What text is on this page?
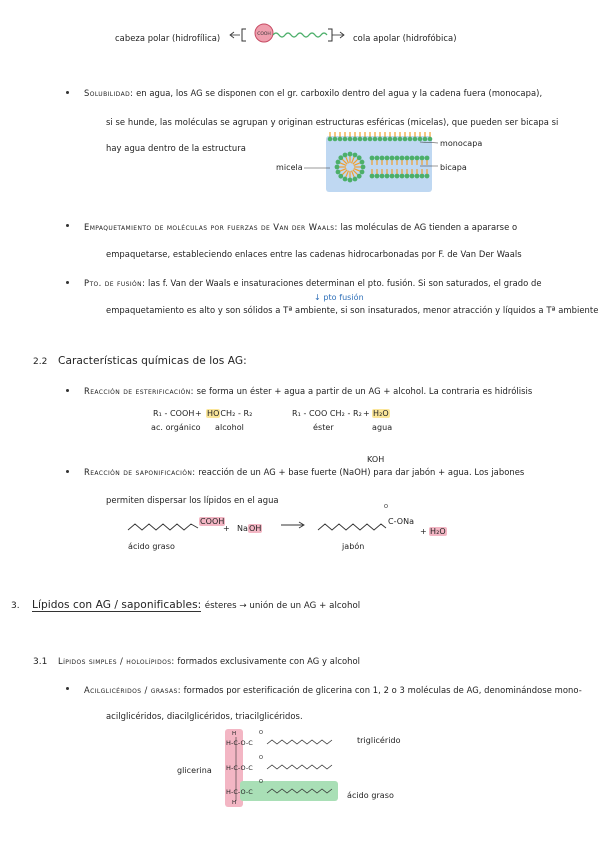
cabeza polar (hidrofílica)	COOH	cola apolar (hidrofóbica)
Solubilidad: en agua, los AG se disponen con el gr. carboxilo dentro del agua y la cadena fuera (monocapa),
si se hunde, las moléculas se agrupan y originan estructuras esféricas (micelas), que pueden ser bicapa si
hay agua dentro de la estructura
micela
monocapa
bicapa
Empaquetamiento de moléculas por fuerzas de Van der Waals: las moléculas de AG tienden a apararse o
empaquetarse, estableciendo enlaces entre las cadenas hidrocarbonadas por F. de Van Der Waals
Pto. de fusión: las f. Van der Waals e insaturaciones determinan el pto. fusión. Si son saturados, el grado de
↓ pto fusión
empaquetamiento es alto y son sólidos a Tª ambiente, si son insaturados, menor atracción y líquidos a Tª ambiente
2.2 Características químicas de los AG:
Reacción de esterificación: se forma un éster + agua a partir de un AG + alcohol. La contraria es hidrólisis
R₁ - COOH + HOCH₂ - R₂	R₁ - COO CH₂ - R₂ + H₂O
ac. orgánico alcohol	éster	agua
KOH
Reacción de saponificación: reacción de un AG + base fuerte (NaOH) para dar jabón + agua. Los jabones
permiten dispersar los lípidos en el agua
COOH
+ NaOH →
O
C-ONa
+ H₂O
ácido graso	jabón
3. Lípidos con AG / saponificables: ésteres → unión de un AG + alcohol
3.1 Lípidos simples / hololípidos: formados exclusivamente con AG y alcohol
Acilglicéridos / grasas: formados por esterificación de glicerina con 1, 2 o 3 moléculas de AG, denominándose mono-
acilglicéridos, diacilglicéridos, triacilglicéridos.
H
H
H-C-O-C
O
H-C-O-C
O
H-C-O-C
O
glicerina
triglicérido
ácido graso
